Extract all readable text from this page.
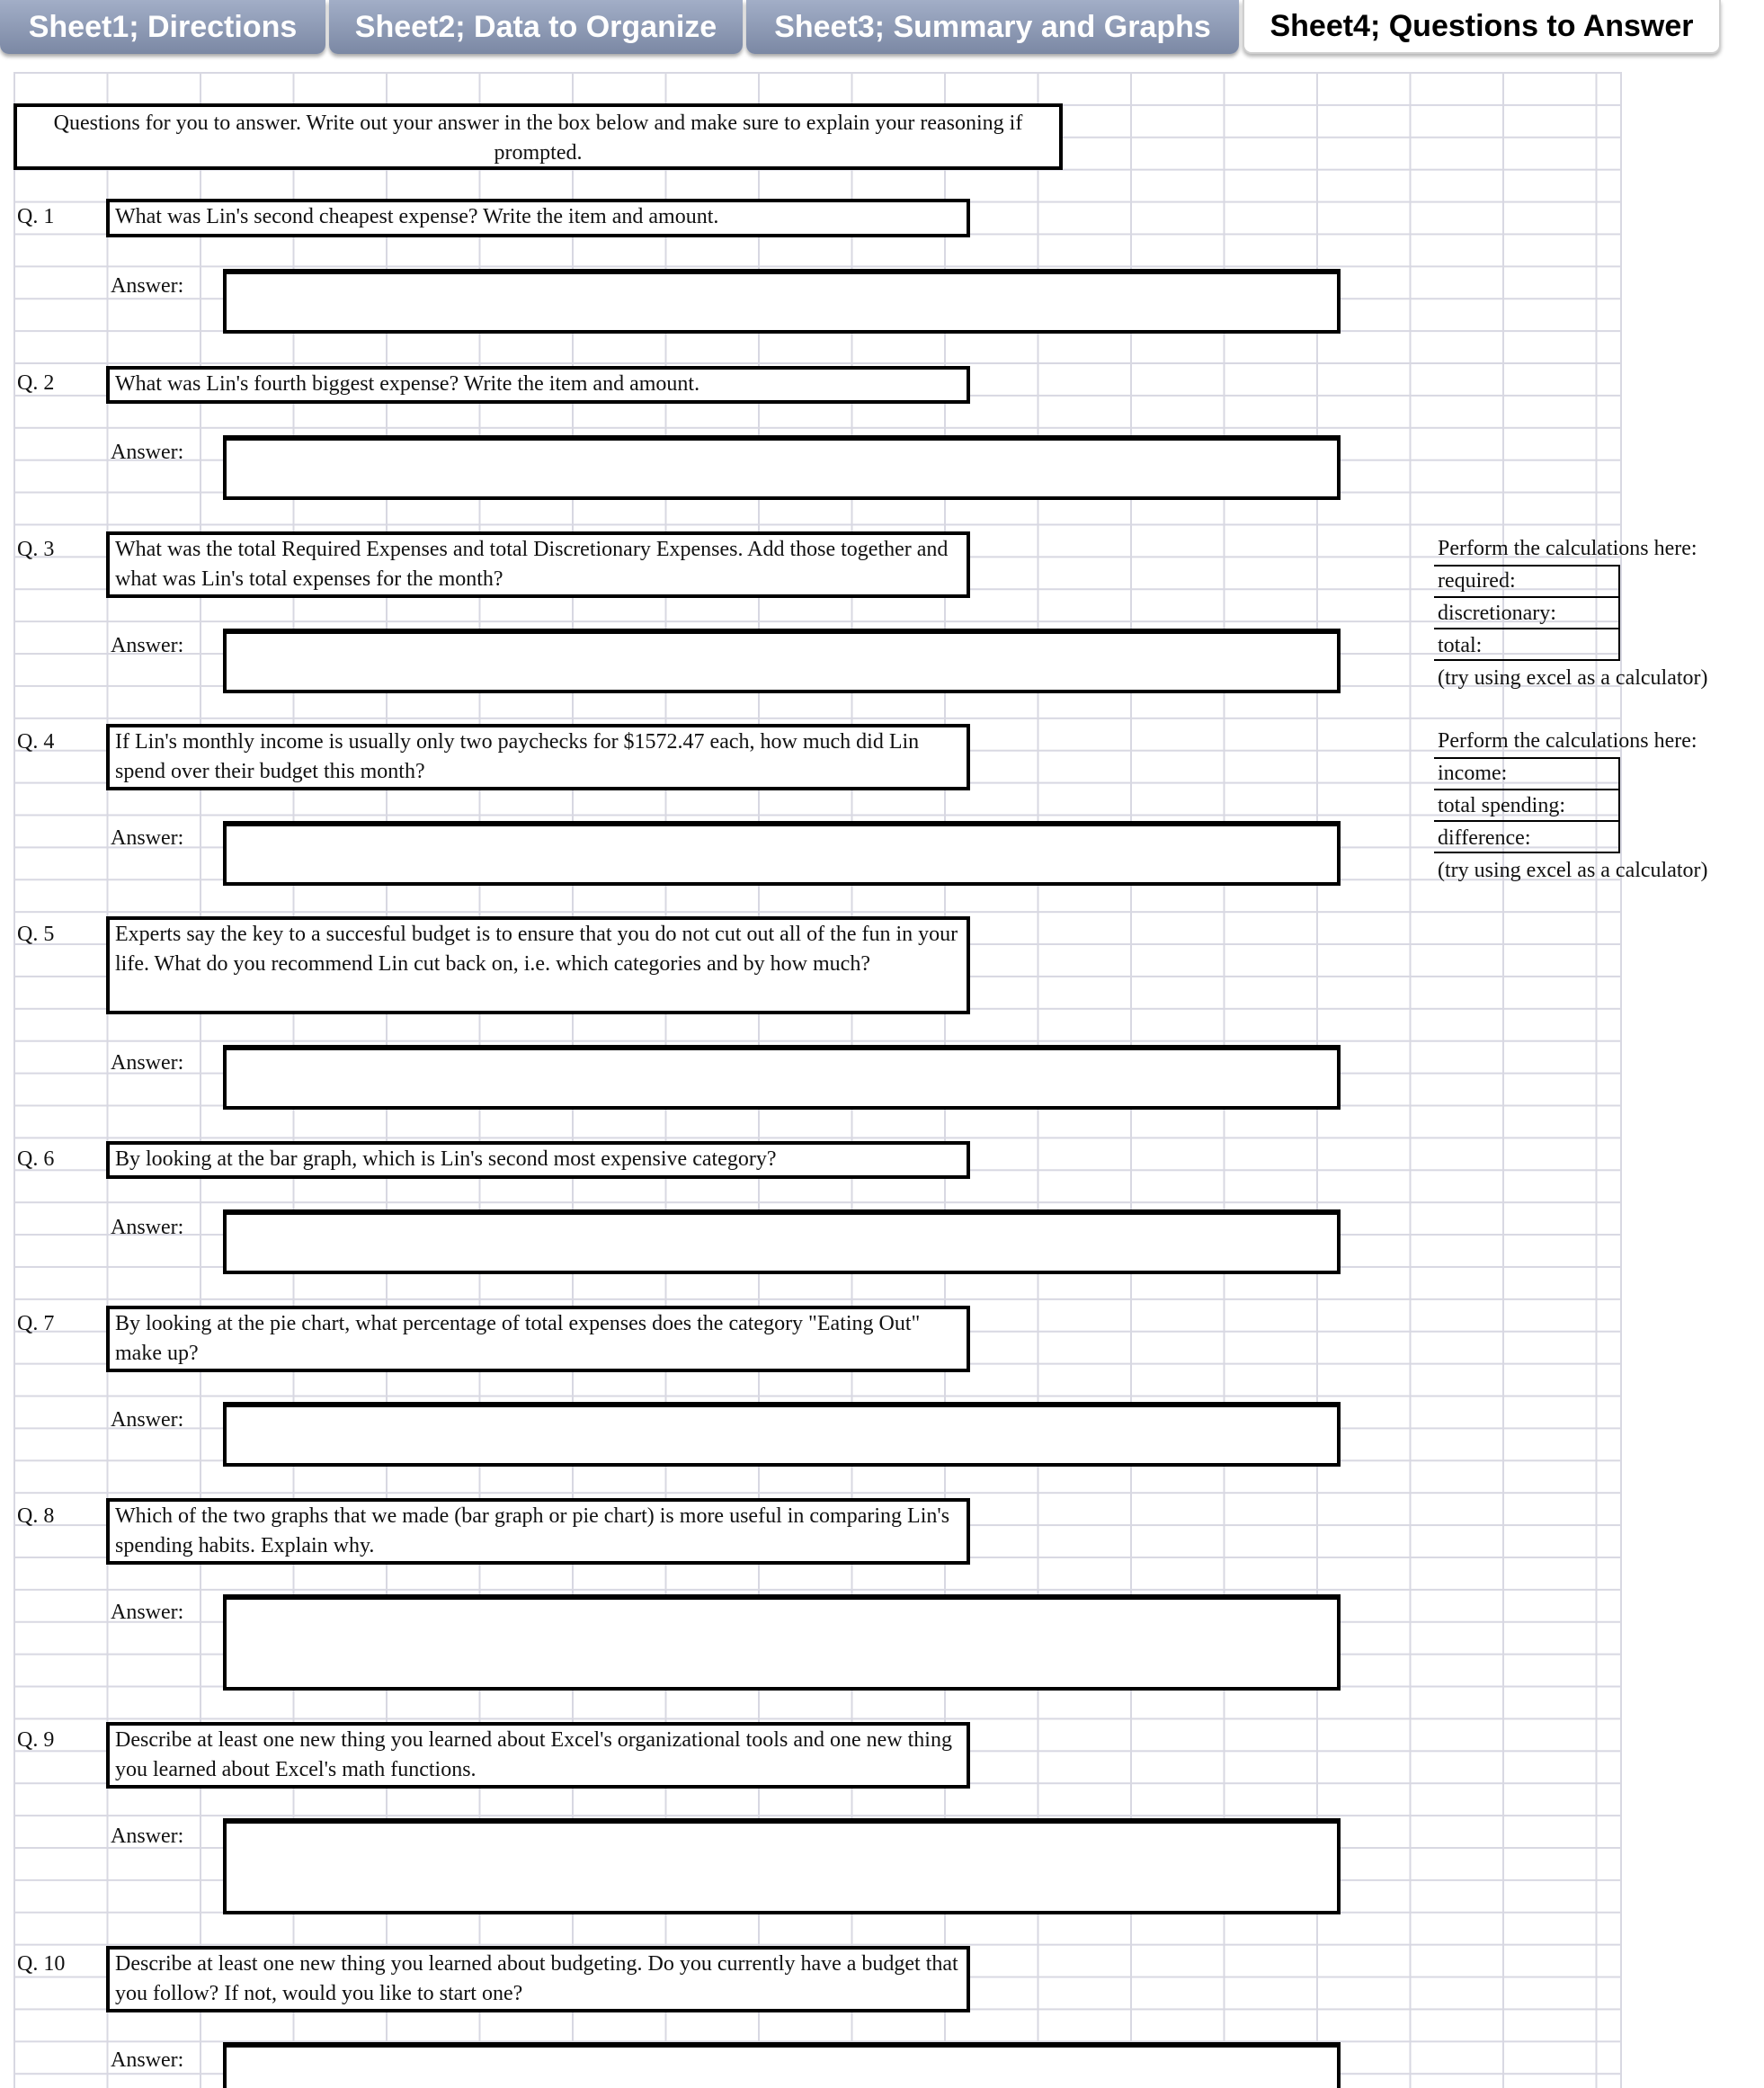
Sheet1; Directions	Sheet2; Data to Organize	Sheet3; Summary and Graphs	Sheet4; Questions to Answer
Questions for you to answer. Write out your answer in the box below and make sure to explain your reasoning if prompted.
Q. 1	What was Lin's second cheapest expense? Write the item and amount.
Answer:
Q. 2	What was Lin's fourth biggest expense? Write the item and amount.
Answer:
Q. 3	What was the total Required Expenses and total Discretionary Expenses. Add those together and what was Lin's total expenses for the month?
Answer:
Perform the calculations here:
required:
discretionary:
total:
(try using excel as a calculator)
Q. 4	If Lin's monthly income is usually only two paychecks for $1572.47 each, how much did Lin spend over their budget this month?
Answer:
Perform the calculations here:
income:
total spending:
difference:
(try using excel as a calculator)
Q. 5	Experts say the key to a succesful budget is to ensure that you do not cut out all of the fun in your life. What do you recommend Lin cut back on, i.e. which categories and by how much?
Answer:
Q. 6	By looking at the bar graph, which is Lin's second most expensive category?
Answer:
Q. 7	By looking at the pie chart, what percentage of total expenses does the category "Eating Out" make up?
Answer:
Q. 8	Which of the two graphs that we made (bar graph or pie chart) is more useful in comparing Lin's spending habits. Explain why.
Answer:
Q. 9	Describe at least one new thing you learned about Excel's organizational tools and one new thing you learned about Excel's math functions.
Answer:
Q. 10	Describe at least one new thing you learned about budgeting. Do you currently have a budget that you follow? If not, would you like to start one?
Answer:
